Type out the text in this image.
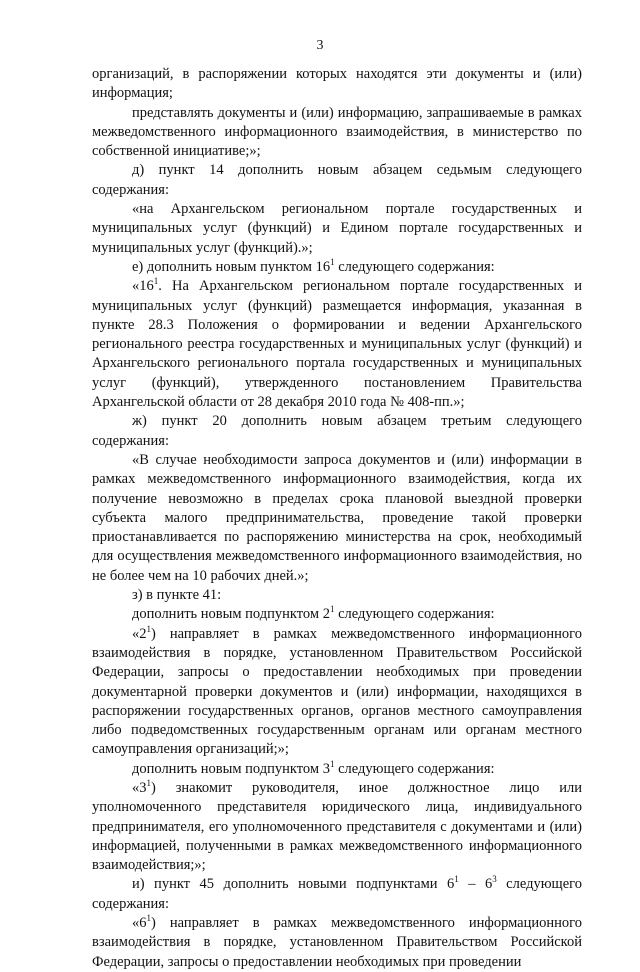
3

организаций, в распоряжении которых находятся эти документы и (или) информация;

представлять документы и (или) информацию, запрашиваемые в рамках межведомственного информационного взаимодействия, в министерство по собственной инициативе;»;

д) пункт 14 дополнить новым абзацем седьмым следующего содержания:

«на Архангельском региональном портале государственных и муниципальных услуг (функций) и Едином портале государственных и муниципальных услуг (функций).»;

е) дополнить новым пунктом $16^1$ следующего содержания:

«$16^1$. На Архангельском региональном портале государственных и муниципальных услуг (функций) размещается информация, указанная в пункте 28.3 Положения о формировании и ведении Архангельского регионального реестра государственных и муниципальных услуг (функций) и Архангельского регионального портала государственных и муниципальных услуг (функций), утвержденного постановлением Правительства Архангельской области от 28 декабря 2010 года № 408-пп.»;

ж) пункт 20 дополнить новым абзацем третьим следующего содержания:

«В случае необходимости запроса документов и (или) информации в рамках межведомственного информационного взаимодействия, когда их получение невозможно в пределах срока плановой выездной проверки субъекта малого предпринимательства, проведение такой проверки приостанавливается по распоряжению министерства на срок, необходимый для осуществления межведомственного информационного взаимодействия, но не более чем на 10 рабочих дней.»;

з) в пункте 41:

дополнить новым подпунктом $2^1$ следующего содержания:

«$2^1$) направляет в рамках межведомственного информационного взаимодействия в порядке, установленном Правительством Российской Федерации, запросы о предоставлении необходимых при проведении документарной проверки документов и (или) информации, находящихся в распоряжении государственных органов, органов местного самоуправления либо подведомственных государственным органам или органам местного самоуправления организаций;»;

дополнить новым подпунктом $3^1$ следующего содержания:

«$3^1$) знакомит руководителя, иное должностное лицо или уполномоченного представителя юридического лица, индивидуального предпринимателя, его уполномоченного представителя с документами и (или) информацией, полученными в рамках межведомственного информационного взаимодействия;»;

и) пункт 45 дополнить новыми подпунктами $6^1 - 6^3$ следующего содержания:

«$6^1$) направляет в рамках межведомственного информационного взаимодействия в порядке, установленном Правительством Российской Федерации, запросы о предоставлении необходимых при проведении
